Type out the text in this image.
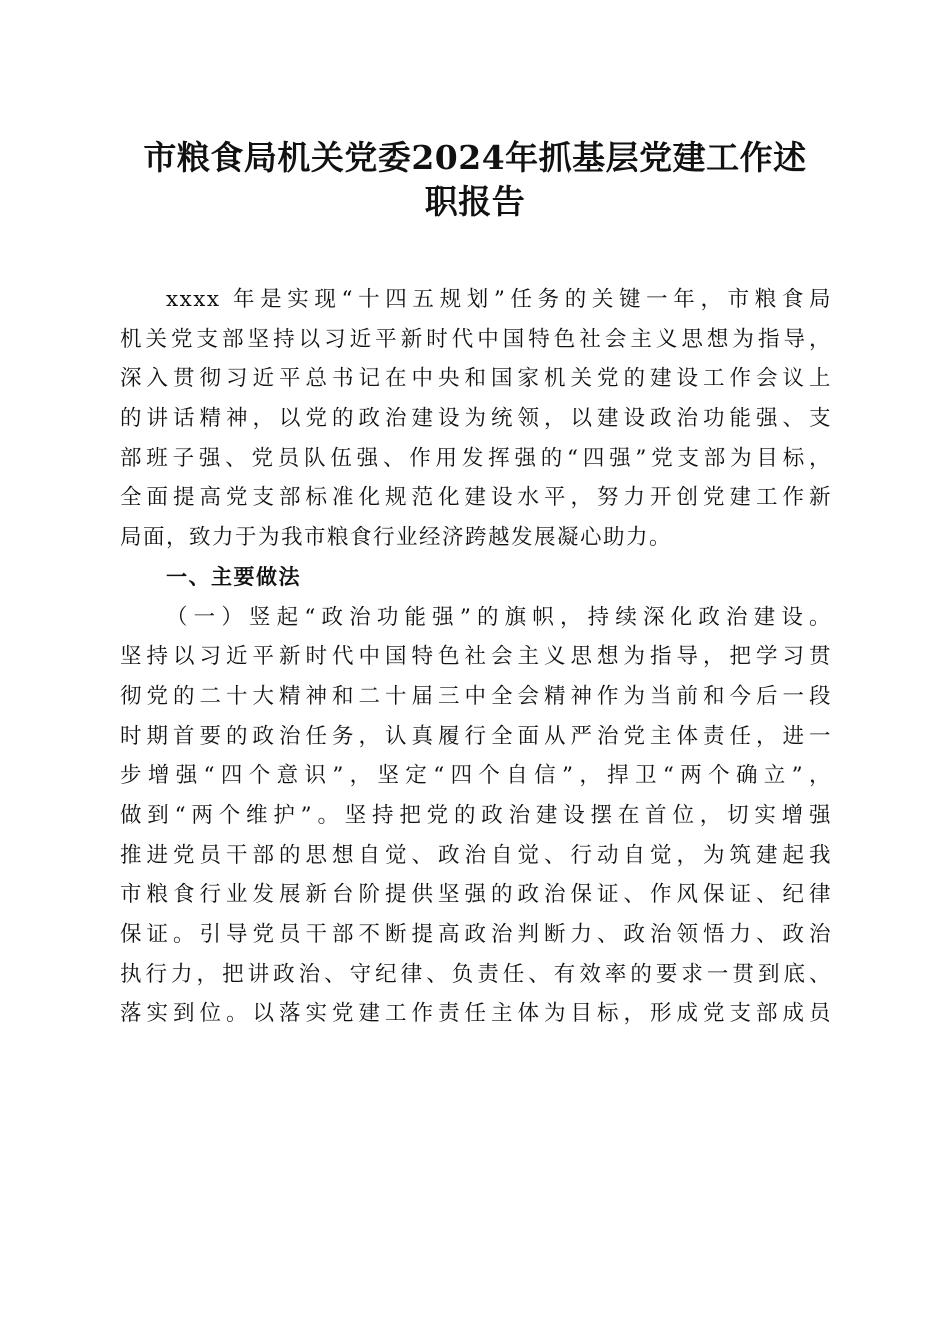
市粮食局机关党委2024年抓基层党建工作述
职报告
xxxx 年是实现“十四五规划”任务的关键一年，市粮食局
机关党支部坚持以习近平新时代中国特色社会主义思想为指导，
深入贯彻习近平总书记在中央和国家机关党的建设工作会议上
的讲话精神，以党的政治建设为统领，以建设政治功能强、支
部班子强、党员队伍强、作用发挥强的“四强”党支部为目标，
全面提高党支部标准化规范化建设水平，努力开创党建工作新
局面，致力于为我市粮食行业经济跨越发展凝心助力。
一、主要做法
（一）竖起“政治功能强”的旗帜，持续深化政治建设。
坚持以习近平新时代中国特色社会主义思想为指导，把学习贯
彻党的二十大精神和二十届三中全会精神作为当前和今后一段
时期首要的政治任务，认真履行全面从严治党主体责任，进一
步增强“四个意识”，坚定“四个自信”，捍卫“两个确立”，
做到“两个维护”。坚持把党的政治建设摆在首位，切实增强
推进党员干部的思想自觉、政治自觉、行动自觉，为筑建起我
市粮食行业发展新台阶提供坚强的政治保证、作风保证、纪律
保证。引导党员干部不断提高政治判断力、政治领悟力、政治
执行力，把讲政治、守纪律、负责任、有效率的要求一贯到底、
落实到位。以落实党建工作责任主体为目标，形成党支部成员
